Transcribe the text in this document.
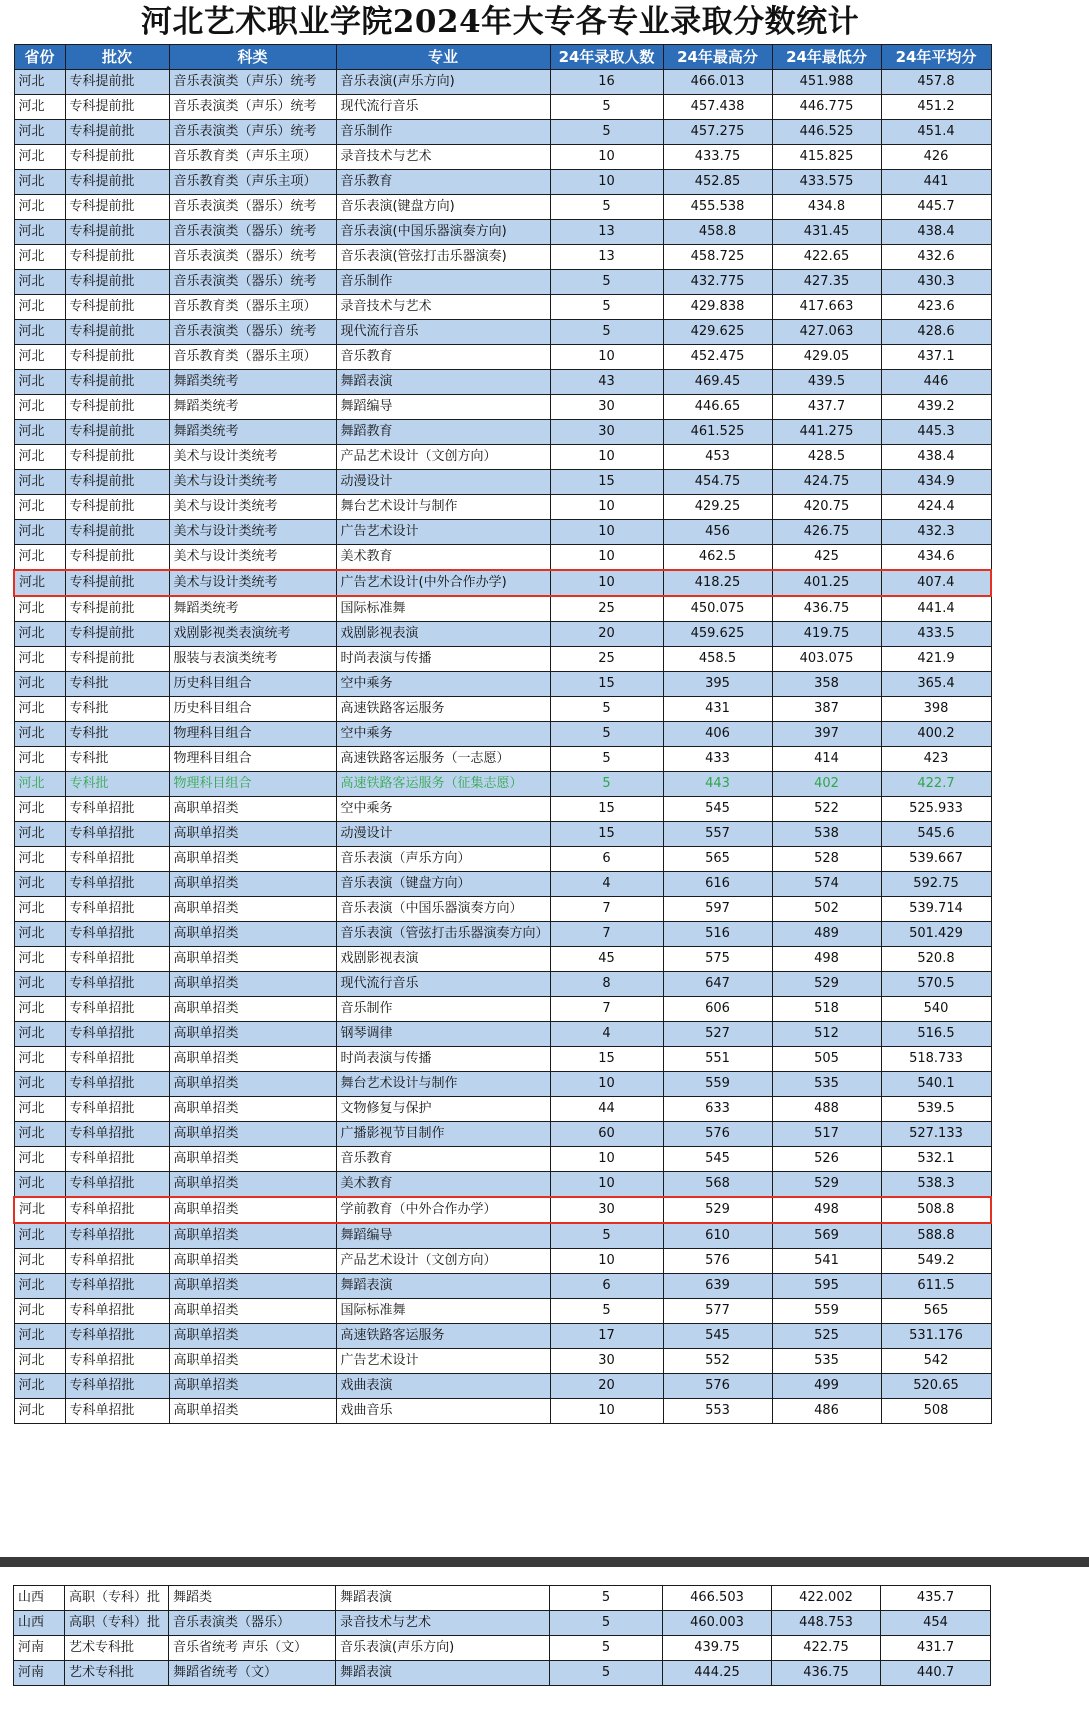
河北艺术职业学院2024年大专各专业录取分数统计
省份	批次	科类	专业	24年录取人数	24年最高分	24年最低分	24年平均分
河北	专科提前批	音乐表演类（声乐）统考	音乐表演(声乐方向)	16	466.013	451.988	457.8
河北	专科提前批	音乐表演类（声乐）统考	现代流行音乐	5	457.438	446.775	451.2
河北	专科提前批	音乐表演类（声乐）统考	音乐制作	5	457.275	446.525	451.4
河北	专科提前批	音乐教育类（声乐主项）	录音技术与艺术	10	433.75	415.825	426
河北	专科提前批	音乐教育类（声乐主项）	音乐教育	10	452.85	433.575	441
河北	专科提前批	音乐表演类（器乐）统考	音乐表演(键盘方向)	5	455.538	434.8	445.7
河北	专科提前批	音乐表演类（器乐）统考	音乐表演(中国乐器演奏方向)	13	458.8	431.45	438.4
河北	专科提前批	音乐表演类（器乐）统考	音乐表演(管弦打击乐器演奏)	13	458.725	422.65	432.6
河北	专科提前批	音乐表演类（器乐）统考	音乐制作	5	432.775	427.35	430.3
河北	专科提前批	音乐教育类（器乐主项）	录音技术与艺术	5	429.838	417.663	423.6
河北	专科提前批	音乐表演类（器乐）统考	现代流行音乐	5	429.625	427.063	428.6
河北	专科提前批	音乐教育类（器乐主项）	音乐教育	10	452.475	429.05	437.1
河北	专科提前批	舞蹈类统考	舞蹈表演	43	469.45	439.5	446
河北	专科提前批	舞蹈类统考	舞蹈编导	30	446.65	437.7	439.2
河北	专科提前批	舞蹈类统考	舞蹈教育	30	461.525	441.275	445.3
河北	专科提前批	美术与设计类统考	产品艺术设计（文创方向）	10	453	428.5	438.4
河北	专科提前批	美术与设计类统考	动漫设计	15	454.75	424.75	434.9
河北	专科提前批	美术与设计类统考	舞台艺术设计与制作	10	429.25	420.75	424.4
河北	专科提前批	美术与设计类统考	广告艺术设计	10	456	426.75	432.3
河北	专科提前批	美术与设计类统考	美术教育	10	462.5	425	434.6
河北	专科提前批	美术与设计类统考	广告艺术设计(中外合作办学)	10	418.25	401.25	407.4
河北	专科提前批	舞蹈类统考	国际标准舞	25	450.075	436.75	441.4
河北	专科提前批	戏剧影视类表演统考	戏剧影视表演	20	459.625	419.75	433.5
河北	专科提前批	服装与表演类统考	时尚表演与传播	25	458.5	403.075	421.9
河北	专科批	历史科目组合	空中乘务	15	395	358	365.4
河北	专科批	历史科目组合	高速铁路客运服务	5	431	387	398
河北	专科批	物理科目组合	空中乘务	5	406	397	400.2
河北	专科批	物理科目组合	高速铁路客运服务（一志愿）	5	433	414	423
河北	专科批	物理科目组合	高速铁路客运服务（征集志愿）	5	443	402	422.7
河北	专科单招批	高职单招类	空中乘务	15	545	522	525.933
河北	专科单招批	高职单招类	动漫设计	15	557	538	545.6
河北	专科单招批	高职单招类	音乐表演（声乐方向）	6	565	528	539.667
河北	专科单招批	高职单招类	音乐表演（键盘方向）	4	616	574	592.75
河北	专科单招批	高职单招类	音乐表演（中国乐器演奏方向）	7	597	502	539.714
河北	专科单招批	高职单招类	音乐表演（管弦打击乐器演奏方向）	7	516	489	501.429
河北	专科单招批	高职单招类	戏剧影视表演	45	575	498	520.8
河北	专科单招批	高职单招类	现代流行音乐	8	647	529	570.5
河北	专科单招批	高职单招类	音乐制作	7	606	518	540
河北	专科单招批	高职单招类	钢琴调律	4	527	512	516.5
河北	专科单招批	高职单招类	时尚表演与传播	15	551	505	518.733
河北	专科单招批	高职单招类	舞台艺术设计与制作	10	559	535	540.1
河北	专科单招批	高职单招类	文物修复与保护	44	633	488	539.5
河北	专科单招批	高职单招类	广播影视节目制作	60	576	517	527.133
河北	专科单招批	高职单招类	音乐教育	10	545	526	532.1
河北	专科单招批	高职单招类	美术教育	10	568	529	538.3
河北	专科单招批	高职单招类	学前教育（中外合作办学）	30	529	498	508.8
河北	专科单招批	高职单招类	舞蹈编导	5	610	569	588.8
河北	专科单招批	高职单招类	产品艺术设计（文创方向）	10	576	541	549.2
河北	专科单招批	高职单招类	舞蹈表演	6	639	595	611.5
河北	专科单招批	高职单招类	国际标准舞	5	577	559	565
河北	专科单招批	高职单招类	高速铁路客运服务	17	545	525	531.176
河北	专科单招批	高职单招类	广告艺术设计	30	552	535	542
河北	专科单招批	高职单招类	戏曲表演	20	576	499	520.65
河北	专科单招批	高职单招类	戏曲音乐	10	553	486	508
山西	高职（专科）批	舞蹈类	舞蹈表演	5	466.503	422.002	435.7
山西	高职（专科）批	音乐表演类（器乐）	录音技术与艺术	5	460.003	448.753	454
河南	艺术专科批	音乐省统考 声乐（文）	音乐表演(声乐方向)	5	439.75	422.75	431.7
河南	艺术专科批	舞蹈省统考（文）	舞蹈表演	5	444.25	436.75	440.7
